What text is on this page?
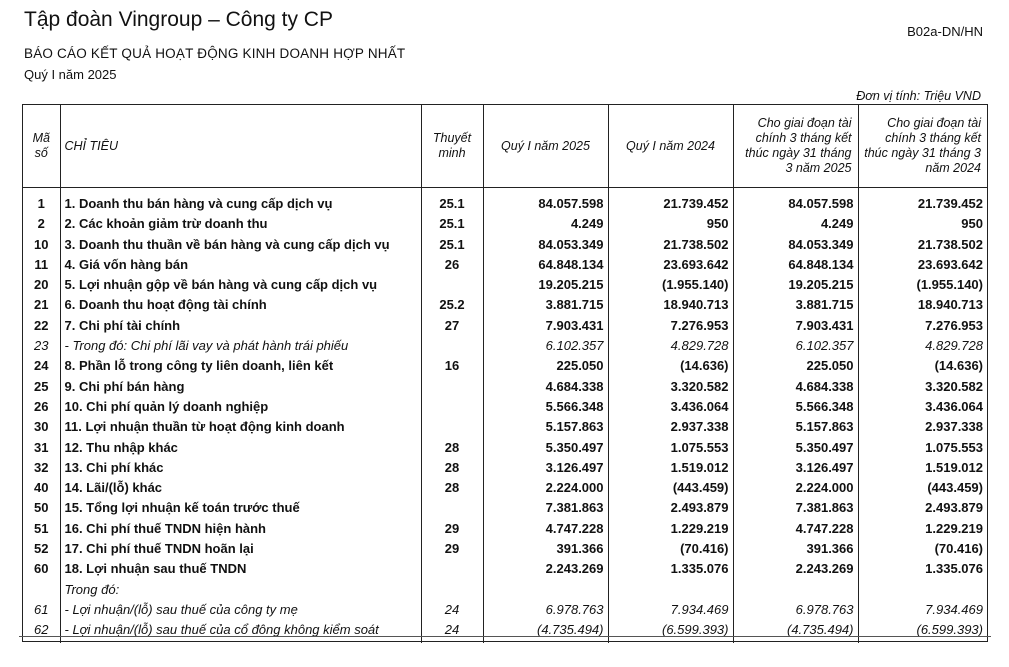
Tập đoàn Vingroup – Công ty CP
BÁO CÁO KẾT QUẢ HOẠT ĐỘNG KINH DOANH HỢP NHẤT
Quý I năm 2025
B02a-DN/HN
Đơn vị tính: Triệu VND
Mã số	CHỈ TIÊU	Thuyết minh	Quý I năm 2025	Quý I năm 2024	Cho giai đoạn tài chính 3 tháng kết thúc ngày 31 tháng 3 năm 2025	Cho giai đoạn tài chính 3 tháng kết thúc ngày 31 tháng 3 năm 2024

1	1. Doanh thu bán hàng và cung cấp dịch vụ	25.1	84.057.598	21.739.452	84.057.598	21.739.452
2	2. Các khoản giảm trừ doanh thu	25.1	4.249	950	4.249	950
10	3. Doanh thu thuần về bán hàng và cung cấp dịch vụ	25.1	84.053.349	21.738.502	84.053.349	21.738.502
11	4. Giá vốn hàng bán	26	64.848.134	23.693.642	64.848.134	23.693.642
20	5. Lợi nhuận gộp về bán hàng và cung cấp dịch vụ		19.205.215	(1.955.140)	19.205.215	(1.955.140)
21	6. Doanh thu hoạt động tài chính	25.2	3.881.715	18.940.713	3.881.715	18.940.713
22	7. Chi phí tài chính	27	7.903.431	7.276.953	7.903.431	7.276.953
23	- Trong đó: Chi phí lãi vay và phát hành trái phiếu		6.102.357	4.829.728	6.102.357	4.829.728
24	8. Phần lỗ trong công ty liên doanh, liên kết	16	225.050	(14.636)	225.050	(14.636)
25	9. Chi phí bán hàng		4.684.338	3.320.582	4.684.338	3.320.582
26	10. Chi phí quản lý doanh nghiệp		5.566.348	3.436.064	5.566.348	3.436.064
30	11. Lợi nhuận thuần từ hoạt động kinh doanh		5.157.863	2.937.338	5.157.863	2.937.338
31	12. Thu nhập khác	28	5.350.497	1.075.553	5.350.497	1.075.553
32	13. Chi phí khác	28	3.126.497	1.519.012	3.126.497	1.519.012
40	14. Lãi/(lỗ) khác	28	2.224.000	(443.459)	2.224.000	(443.459)
50	15. Tổng lợi nhuận kế toán trước thuế		7.381.863	2.493.879	7.381.863	2.493.879
51	16. Chi phí thuế TNDN hiện hành	29	4.747.228	1.229.219	4.747.228	1.229.219
52	17. Chi phí thuế TNDN hoãn lại	29	391.366	(70.416)	391.366	(70.416)
60	18. Lợi nhuận sau thuế TNDN		2.243.269	1.335.076	2.243.269	1.335.076
	Trong đó:					
61	- Lợi nhuận/(lỗ) sau thuế của công ty mẹ	24	6.978.763	7.934.469	6.978.763	7.934.469
62	- Lợi nhuận/(lỗ) sau thuế của cổ đông không kiểm soát	24	(4.735.494)	(6.599.393)	(4.735.494)	(6.599.393)
